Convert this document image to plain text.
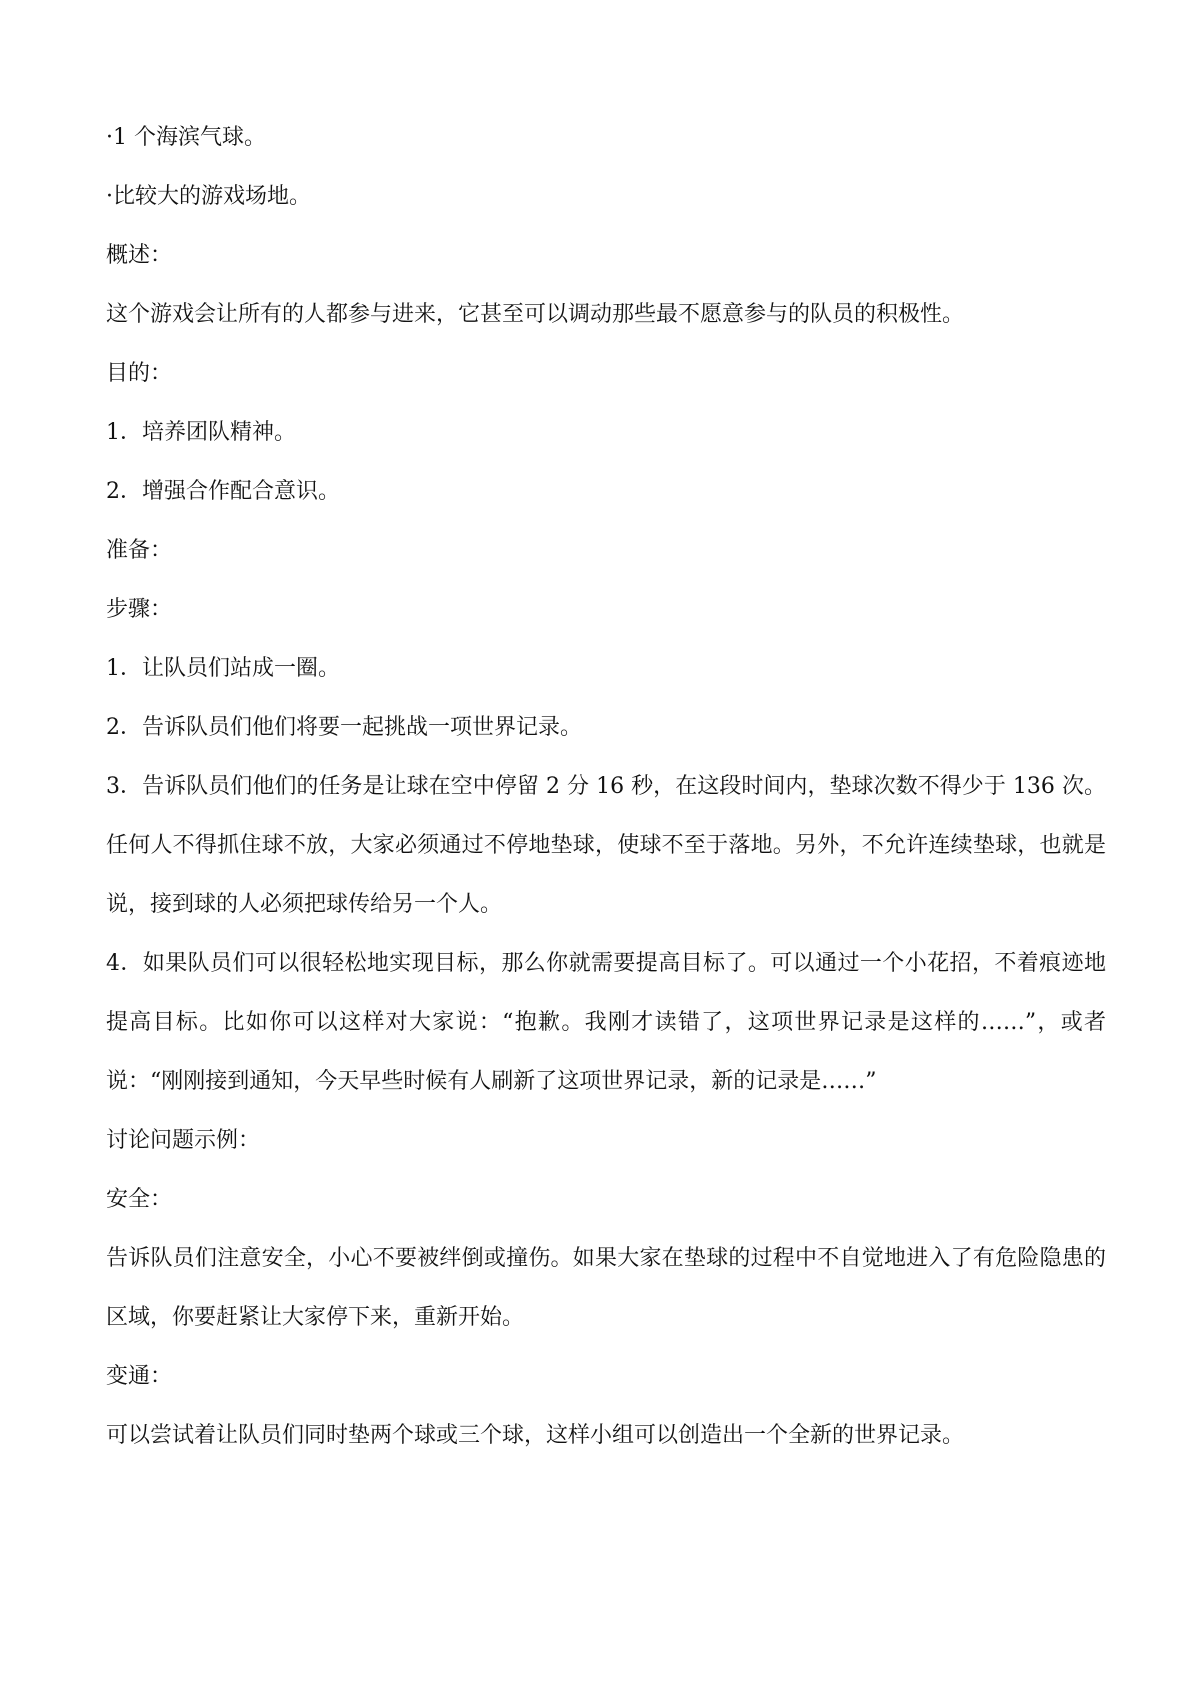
·1 个海滨气球。

·比较大的游戏场地。

概述：

这个游戏会让所有的人都参与进来，它甚至可以调动那些最不愿意参与的队员的积极性。

目的：

1．培养团队精神。

2．增强合作配合意识。

准备：

步骤：

1．让队员们站成一圈。

2．告诉队员们他们将要一起挑战一项世界记录。

3．告诉队员们他们的任务是让球在空中停留 2 分 16 秒，在这段时间内，垫球次数不得少于 136 次。任何人不得抓住球不放，大家必须通过不停地垫球，使球不至于落地。另外，不允许连续垫球，也就是说，接到球的人必须把球传给另一个人。

4．如果队员们可以很轻松地实现目标，那么你就需要提高目标了。可以通过一个小花招，不着痕迹地提高目标。比如你可以这样对大家说：“抱歉。我刚才读错了，这项世界记录是这样的……”，或者说：“刚刚接到通知，今天早些时候有人刷新了这项世界记录，新的记录是……”

讨论问题示例：

安全：

告诉队员们注意安全，小心不要被绊倒或撞伤。如果大家在垫球的过程中不自觉地进入了有危险隐患的区域，你要赶紧让大家停下来，重新开始。

变通：

可以尝试着让队员们同时垫两个球或三个球，这样小组可以创造出一个全新的世界记录。
